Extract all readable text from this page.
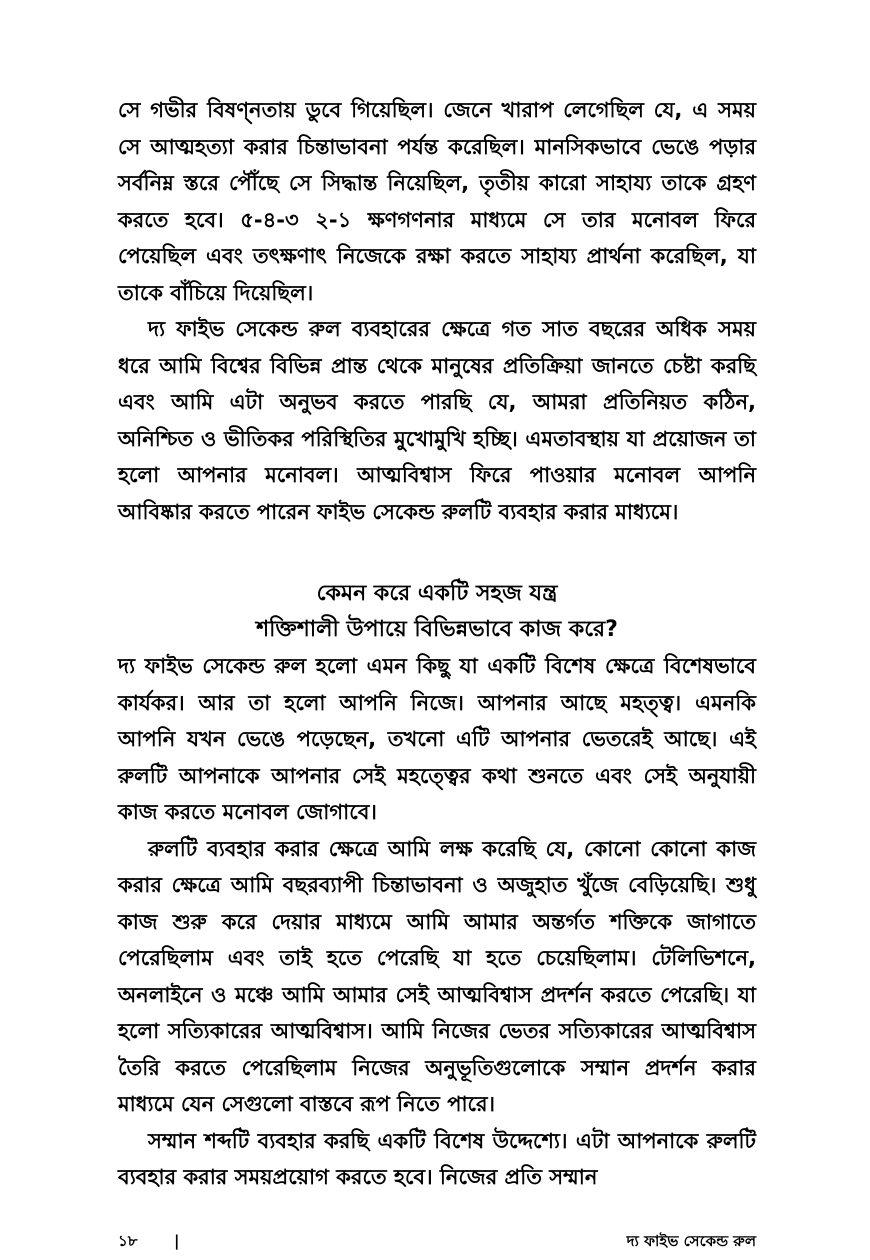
সে গভীর বিষণ্নতায় ডুবে গিয়েছিল। জেনে খারাপ লেগেছিল যে, এ সময় সে আত্মহত্যা করার চিন্তাভাবনা পর্যন্ত করেছিল। মানসিকভাবে ভেঙে পড়ার সর্বনিম্ন স্তরে পৌঁছে সে সিদ্ধান্ত নিয়েছিল, তৃতীয় কারো সাহায্য তাকে গ্রহণ করতে হবে। ৫-৪-৩ ২-১ ক্ষণগণনার মাধ্যমে সে তার মনোবল ফিরে পেয়েছিল এবং তৎক্ষণাৎ নিজেকে রক্ষা করতে সাহায্য প্রার্থনা করেছিল, যা তাকে বাঁচিয়ে দিয়েছিল।

দ্য ফাইভ সেকেন্ড রুল ব্যবহারের ক্ষেত্রে গত সাত বছরের অধিক সময় ধরে আমি বিশ্বের বিভিন্ন প্রান্ত থেকে মানুষের প্রতিক্রিয়া জানতে চেষ্টা করছি এবং আমি এটা অনুভব করতে পারছি যে, আমরা প্রতিনিয়ত কঠিন, অনিশ্চিত ও ভীতিকর পরিস্থিতির মুখোমুখি হচ্ছি। এমতাবস্থায় যা প্রয়োজন তা হলো আপনার মনোবল। আত্মবিশ্বাস ফিরে পাওয়ার মনোবল আপনি আবিষ্কার করতে পারেন ফাইভ সেকেন্ড রুলটি ব্যবহার করার মাধ্যমে।

কেমন করে একটি সহজ যন্ত্র
শক্তিশালী উপায়ে বিভিন্নভাবে কাজ করে?

দ্য ফাইভ সেকেন্ড রুল হলো এমন কিছু যা একটি বিশেষ ক্ষেত্রে বিশেষভাবে কার্যকর। আর তা হলো আপনি নিজে। আপনার আছে মহত্ত্ব। এমনকি আপনি যখন ভেঙে পড়েছেন, তখনো এটি আপনার ভেতরেই আছে। এই রুলটি আপনাকে আপনার সেই মহত্ত্বের কথা শুনতে এবং সেই অনুযায়ী কাজ করতে মনোবল জোগাবে।

রুলটি ব্যবহার করার ক্ষেত্রে আমি লক্ষ করেছি যে, কোনো কোনো কাজ করার ক্ষেত্রে আমি বছরব্যাপী চিন্তাভাবনা ও অজুহাত খুঁজে বেড়িয়েছি। শুধু কাজ শুরু করে দেয়ার মাধ্যমে আমি আমার অন্তর্গত শক্তিকে জাগাতে পেরেছিলাম এবং তাই হতে পেরেছি যা হতে চেয়েছিলাম। টেলিভিশনে, অনলাইনে ও মঞ্চে আমি আমার সেই আত্মবিশ্বাস প্রদর্শন করতে পেরেছি। যা হলো সত্যিকারের আত্মবিশ্বাস। আমি নিজের ভেতর সত্যিকারের আত্মবিশ্বাস তৈরি করতে পেরেছিলাম নিজের অনুভূতিগুলোকে সম্মান প্রদর্শন করার মাধ্যমে যেন সেগুলো বাস্তবে রূপ নিতে পারে।

সম্মান শব্দটি ব্যবহার করছি একটি বিশেষ উদ্দেশ্যে। এটা আপনাকে রুলটি ব্যবহার করার সময়প্রয়োগ করতে হবে। নিজের প্রতি সম্মান

১৮ |	দ্য ফাইভ সেকেন্ড রুল
